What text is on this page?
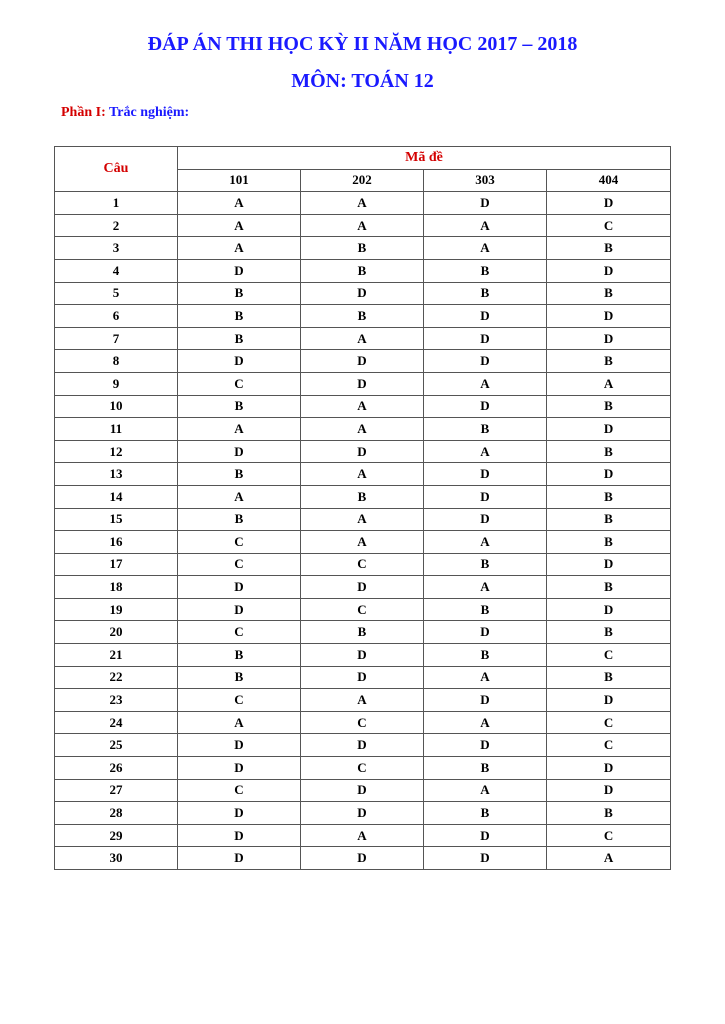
ĐÁP ÁN THI HỌC KỲ II NĂM HỌC 2017 – 2018
MÔN: TOÁN 12
Phần I: Trắc nghiệm:
Câu	Mã đề			
	101	202	303	404
1	A	A	D	D
2	A	A	A	C
3	A	B	A	B
4	D	B	B	D
5	B	D	B	B
6	B	B	D	D
7	B	A	D	D
8	D	D	D	B
9	C	D	A	A
10	B	A	D	B
11	A	A	B	D
12	D	D	A	B
13	B	A	D	D
14	A	B	D	B
15	B	A	D	B
16	C	A	A	B
17	C	C	B	D
18	D	D	A	B
19	D	C	B	D
20	C	B	D	B
21	B	D	B	C
22	B	D	A	B
23	C	A	D	D
24	A	C	A	C
25	D	D	D	C
26	D	C	B	D
27	C	D	A	D
28	D	D	B	B
29	D	A	D	C
30	D	D	D	A
